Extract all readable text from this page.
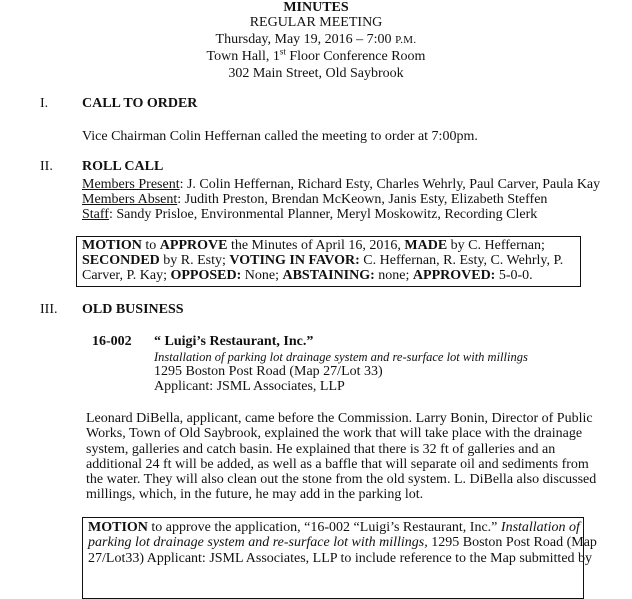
MINUTES
REGULAR MEETING
Thursday, May 19, 2016 – 7:00 P.M.
Town Hall, 1st Floor Conference Room
302 Main Street, Old Saybrook
I. CALL TO ORDER
Vice Chairman Colin Heffernan called the meeting to order at 7:00pm.
II. ROLL CALL
Members Present: J. Colin Heffernan, Richard Esty, Charles Wehrly, Paul Carver, Paula Kay
Members Absent: Judith Preston, Brendan McKeown, Janis Esty, Elizabeth Steffen
Staff: Sandy Prisloe, Environmental Planner, Meryl Moskowitz, Recording Clerk
MOTION to APPROVE the Minutes of April 16, 2016, MADE by C. Heffernan;
SECONDED by R. Esty; VOTING IN FAVOR: C. Heffernan, R. Esty, C. Wehrly, P.
Carver, P. Kay; OPPOSED: None; ABSTAINING: none; APPROVED: 5-0-0.
III. OLD BUSINESS
16-002 “ Luigi’s Restaurant, Inc.”
Installation of parking lot drainage system and re-surface lot with millings
1295 Boston Post Road (Map 27/Lot 33)
Applicant: JSML Associates, LLP
Leonard DiBella, applicant, came before the Commission. Larry Bonin, Director of Public
Works, Town of Old Saybrook, explained the work that will take place with the drainage
system, galleries and catch basin. He explained that there is 32 ft of galleries and an
additional 24 ft will be added, as well as a baffle that will separate oil and sediments from
the water. They will also clean out the stone from the old system. L. DiBella also discussed
millings, which, in the future, he may add in the parking lot.
MOTION to approve the application, “16-002 “Luigi’s Restaurant, Inc.” Installation of
parking lot drainage system and re-surface lot with millings, 1295 Boston Post Road (Map
27/Lot33) Applicant: JSML Associates, LLP to include reference to the Map submitted by
